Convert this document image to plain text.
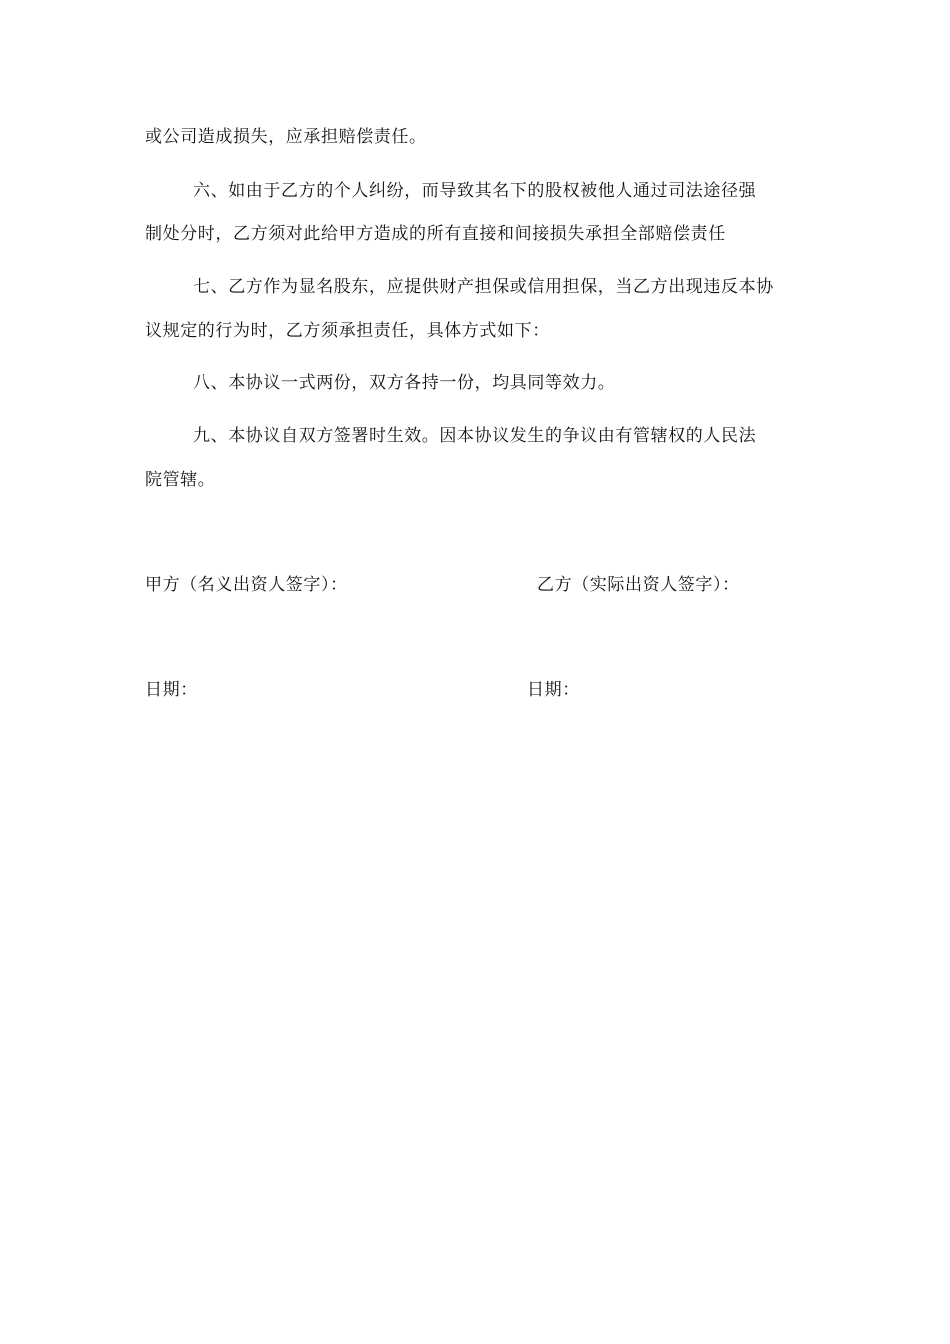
或公司造成损失，应承担赔偿责任。
六、如由于乙方的个人纠纷，而导致其名下的股权被他人通过司法途径强
制处分时，乙方须对此给甲方造成的所有直接和间接损失承担全部赔偿责任
七、乙方作为显名股东，应提供财产担保或信用担保，当乙方出现违反本协
议规定的行为时，乙方须承担责任，具体方式如下：
八、本协议一式两份，双方各持一份，均具同等效力。
九、本协议自双方签署时生效。因本协议发生的争议由有管辖权的人民法
院管辖。
甲方（名义出资人签字）：	乙方（实际出资人签字）：
日期：	日期：
